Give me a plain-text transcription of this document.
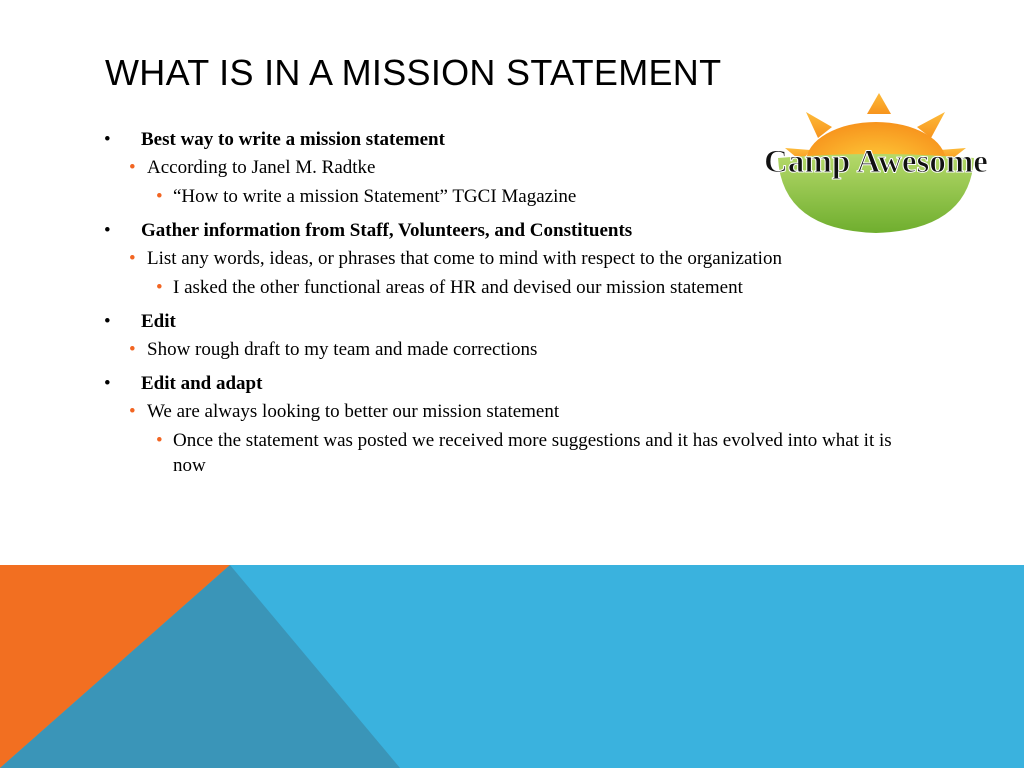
WHAT IS IN A MISSION STATEMENT
• Best way to write a mission statement
• According to Janel M. Radtke
• “How to write a mission Statement” TGCI Magazine
• Gather information from Staff, Volunteers, and Constituents
• List any words, ideas, or phrases that come to mind with respect to the organization
• I asked the other functional areas of HR and devised our mission statement
• Edit
• Show rough draft to my team and made corrections
• Edit and adapt
• We are always looking to better our mission statement
• Once the statement was posted we received more suggestions and it has evolved into what it is now
Camp Awesome
